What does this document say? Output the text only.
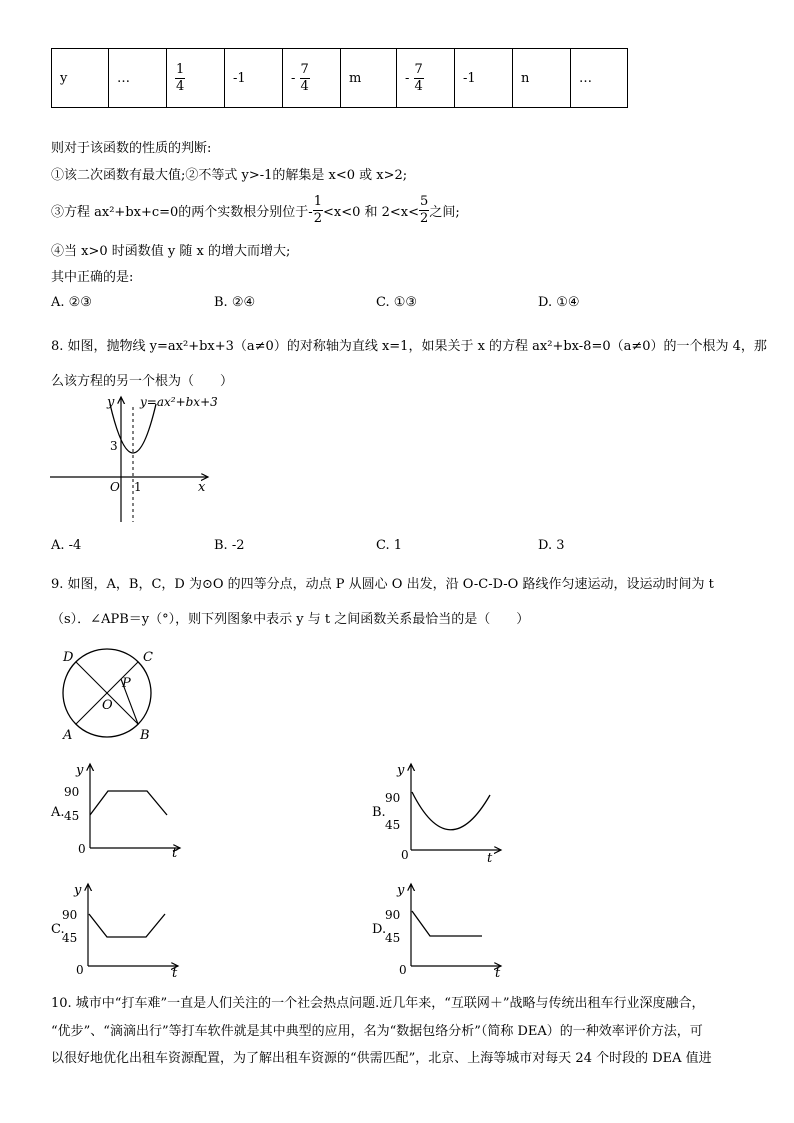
y	…	$\frac{1}{4}$	-1	- $\frac{7}{4}$	m	- $\frac{7}{4}$	-1	n	…
则对于该函数的性质的判断:
①该二次函数有最大值;②不等式 y>-1的解集是 x<0 或 x>2;
③方程 ax²+bx+c=0的两个实数根分别位于- $\frac{1}{2} <x<0$ 和 $2<x< \frac{5}{2}$ 之间;
④当 x>0 时函数值 y 随 x 的增大而增大;
其中正确的是:
A. ②③	B. ②④	C. ①③	D. ①④
8. 如图，抛物线 y=ax²+bx+3（a≠0）的对称轴为直线 x=1，如果关于 x 的方程 ax²+bx-8=0（a≠0）的一个根为 4，那
么该方程的另一个根为（　　）
y y=ax²+bx+3
3
O 1	x
A. -4	B. -2	C. 1	D. 3
9. 如图，A，B，C，D 为⊙O 的四等分点，动点 P 从圆心 O 出发，沿 O-C-D-O 路线作匀速运动，设运动时间为 t
（s）．∠APB＝y（°），则下列图象中表示 y 与 t 之间函数关系最恰当的是（　　）
D	C
P
O
A	B
A.
y
90
45
0	t
B.
y
90
45
0	t
C.
y
90
45
0	t
D.
y
90
45
0	t
10. 城市中“打车难”一直是人们关注的一个社会热点问题.近几年来，“互联网＋”战略与传统出租车行业深度融合，
“优步”、“滴滴出行”等打车软件就是其中典型的应用，名为“数据包络分析”（简称 DEA）的一种效率评价方法，可
以很好地优化出租车资源配置，为了解出租车资源的“供需匹配”，北京、上海等城市对每天 24 个时段的 DEA 值进
